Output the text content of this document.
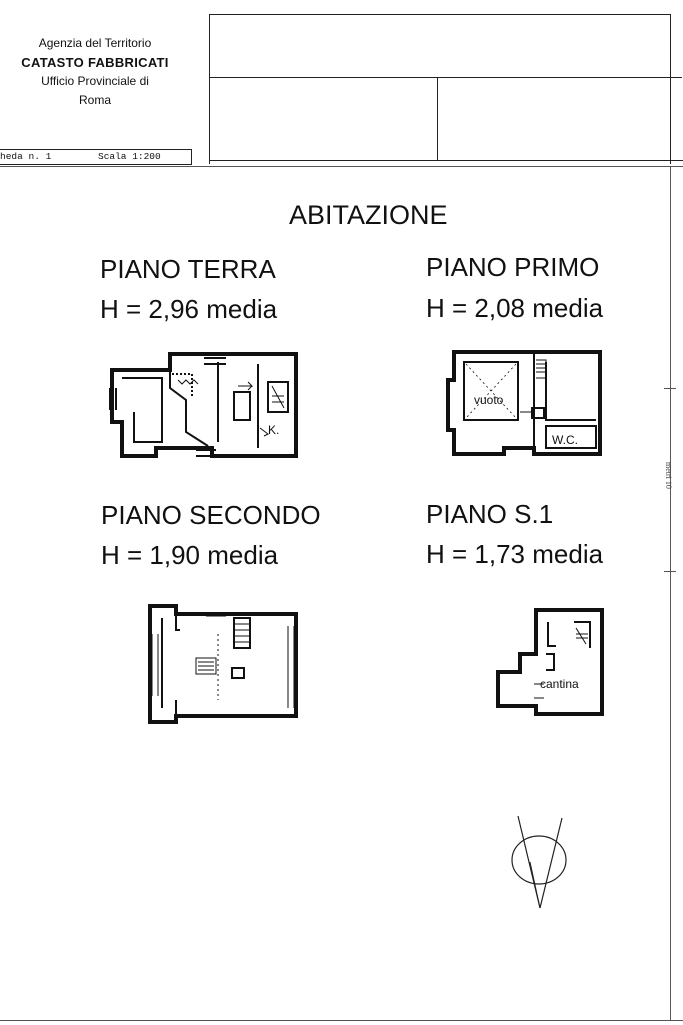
Agenzia del Territorio
CATASTO FABBRICATI
Ufficio Provinciale di
Roma
heda n. 1	Scala 1:200
ABITAZIONE
PIANO TERRA
H = 2,96 media
PIANO PRIMO
H = 2,08 media
PIANO SECONDO
H = 1,90 media
PIANO S.1
H = 1,73 media
K.
vuoto
W.C.
cantina
metri 10
